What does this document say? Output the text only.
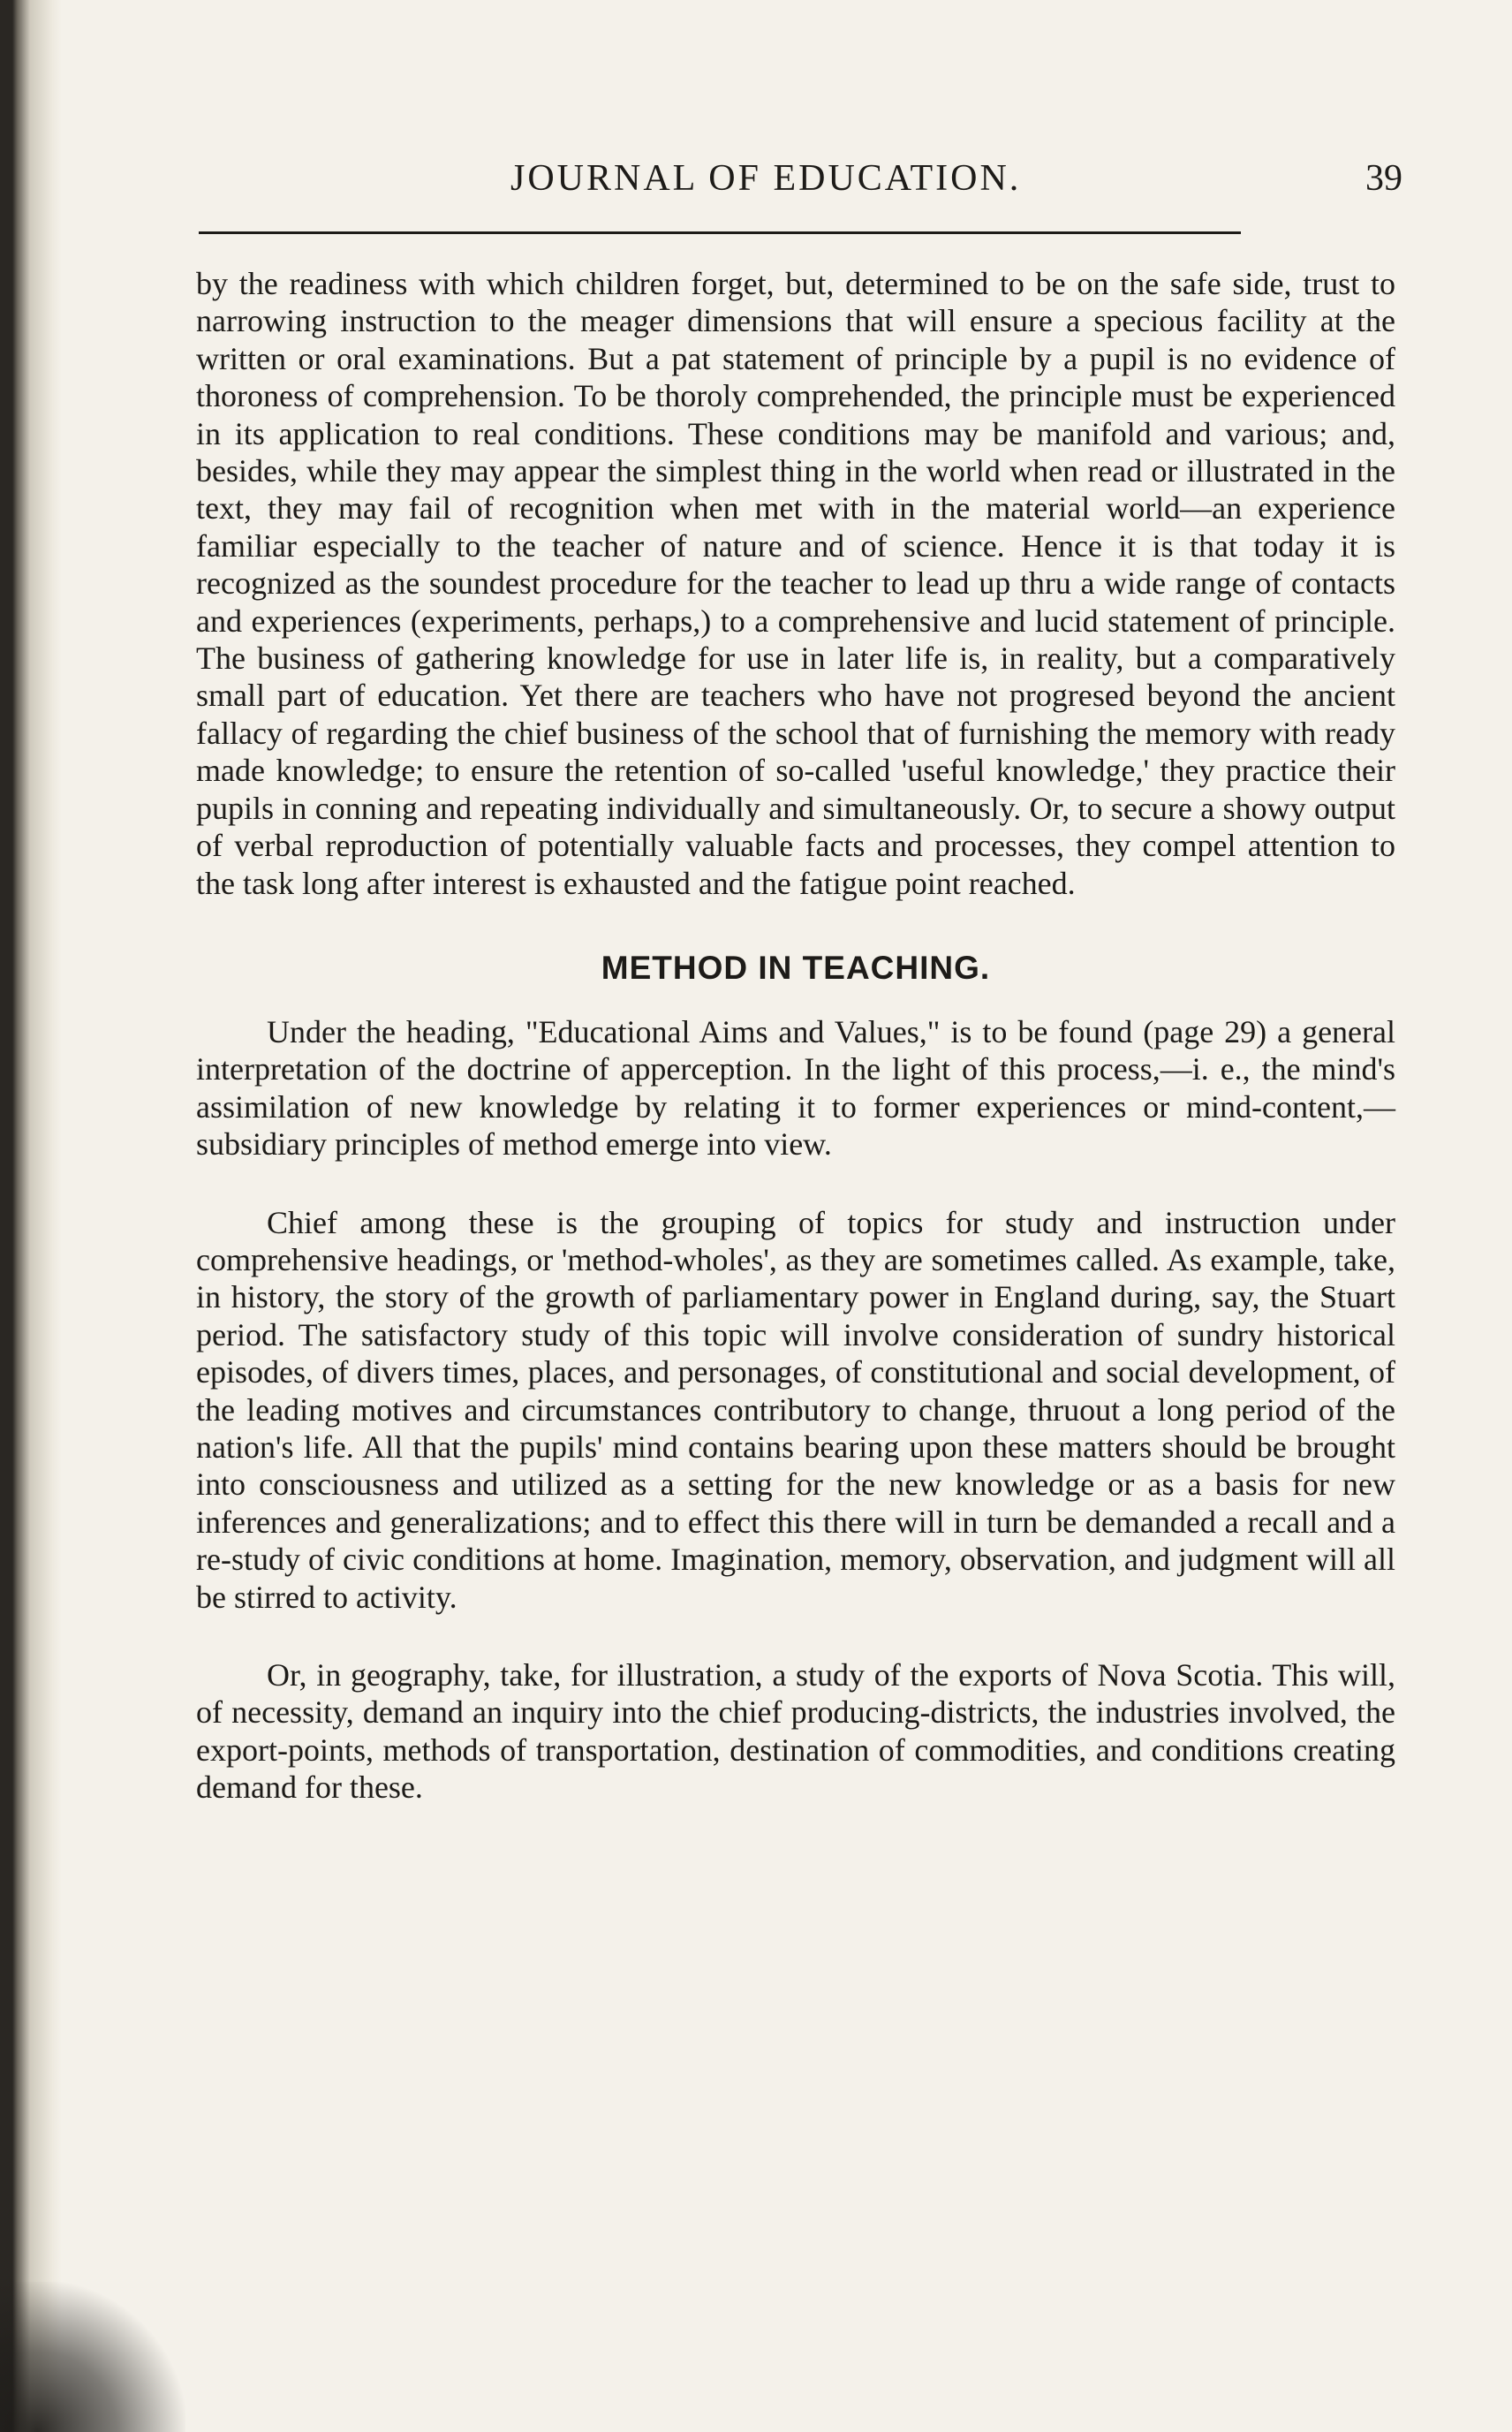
JOURNAL OF EDUCATION.	39

by the readiness with which children forget, but, determined to be on the safe side, trust to narrowing instruction to the meager dimensions that will ensure a specious facility at the written or oral examinations. But a pat statement of principle by a pupil is no evidence of thoroness of comprehension. To be thoroly comprehended, the principle must be experienced in its application to real conditions. These conditions may be manifold and various; and, besides, while they may appear the simplest thing in the world when read or illustrated in the text, they may fail of recognition when met with in the material world—an experience familiar especially to the teacher of nature and of science. Hence it is that today it is recognized as the soundest procedure for the teacher to lead up thru a wide range of contacts and experiences (experiments, perhaps,) to a comprehensive and lucid statement of principle. The business of gathering knowledge for use in later life is, in reality, but a comparatively small part of education. Yet there are teachers who have not progresed beyond the ancient fallacy of regarding the chief business of the school that of furnishing the memory with ready made knowledge; to ensure the retention of so-called 'useful knowledge,' they practice their pupils in conning and repeating individually and simultaneously. Or, to secure a showy output of verbal reproduction of potentially valuable facts and processes, they compel attention to the task long after interest is exhausted and the fatigue point reached.

METHOD IN TEACHING.

Under the heading, "Educational Aims and Values," is to be found (page 29) a general interpretation of the doctrine of apperception. In the light of this process,—i. e., the mind's assimilation of new knowledge by relating it to former experiences or mind-content,—subsidiary principles of method emerge into view.

Chief among these is the grouping of topics for study and instruction under comprehensive headings, or 'method-wholes', as they are sometimes called. As example, take, in history, the story of the growth of parliamentary power in England during, say, the Stuart period. The satisfactory study of this topic will involve consideration of sundry historical episodes, of divers times, places, and personages, of constitutional and social development, of the leading motives and circumstances contributory to change, thruout a long period of the nation's life. All that the pupils' mind contains bearing upon these matters should be brought into consciousness and utilized as a setting for the new knowledge or as a basis for new inferences and generalizations; and to effect this there will in turn be demanded a recall and a re-study of civic conditions at home. Imagination, memory, observation, and judgment will all be stirred to activity.

Or, in geography, take, for illustration, a study of the exports of Nova Scotia. This will, of necessity, demand an inquiry into the chief producing-districts, the industries involved, the export-points, methods of transportation, destination of commodities, and conditions creating demand for these.
